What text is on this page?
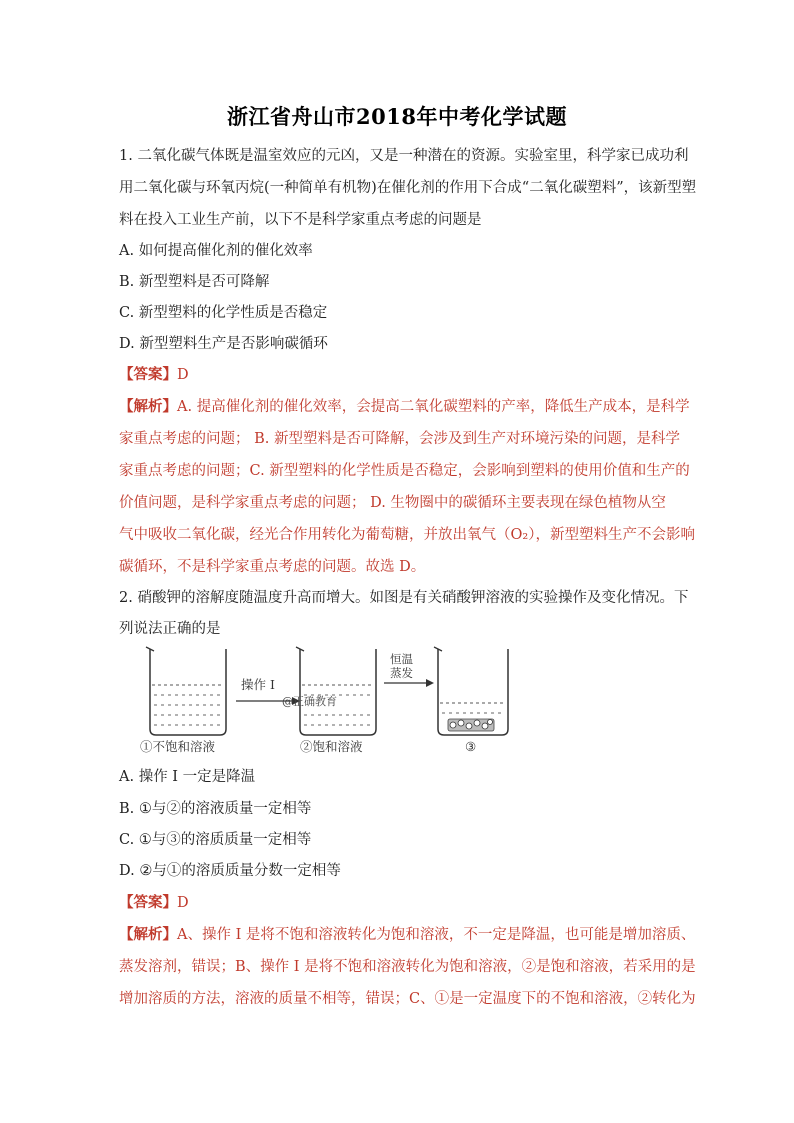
浙江省舟山市2018年中考化学试题
1. 二氧化碳气体既是温室效应的元凶，又是一种潜在的资源。实验室里，科学家已成功利
用二氧化碳与环氧丙烷(一种简单有机物)在催化剂的作用下合成“二氧化碳塑料”，该新型塑
料在投入工业生产前，以下不是科学家重点考虑的问题是
A. 如何提高催化剂的催化效率
B. 新型塑料是否可降解
C. 新型塑料的化学性质是否稳定
D. 新型塑料生产是否影响碳循环
【答案】D
【解析】A. 提高催化剂的催化效率，会提高二氧化碳塑料的产率，降低生产成本，是科学
家重点考虑的问题； B. 新型塑料是否可降解，会涉及到生产对环境污染的问题，是科学
家重点考虑的问题；C. 新型塑料的化学性质是否稳定，会影响到塑料的使用价值和生产的
价值问题，是科学家重点考虑的问题； D. 生物圈中的碳循环主要表现在绿色植物从空
气中吸收二氧化碳，经光合作用转化为葡萄糖，并放出氧气（O₂），新型塑料生产不会影响
碳循环，不是科学家重点考虑的问题。故选 D。
2. 硝酸钾的溶解度随温度升高而增大。如图是有关硝酸钾溶液的实验操作及变化情况。下
列说法正确的是
操作 I
@正确教育
恒温
蒸发
①不饱和溶液	②饱和溶液	③
A. 操作 I 一定是降温
B. ①与②的溶液质量一定相等
C. ①与③的溶质质量一定相等
D. ②与①的溶质质量分数一定相等
【答案】D
【解析】A、操作 I 是将不饱和溶液转化为饱和溶液，不一定是降温，也可能是增加溶质、
蒸发溶剂，错误；B、操作 I 是将不饱和溶液转化为饱和溶液，②是饱和溶液，若采用的是
增加溶质的方法，溶液的质量不相等，错误；C、①是一定温度下的不饱和溶液，②转化为
